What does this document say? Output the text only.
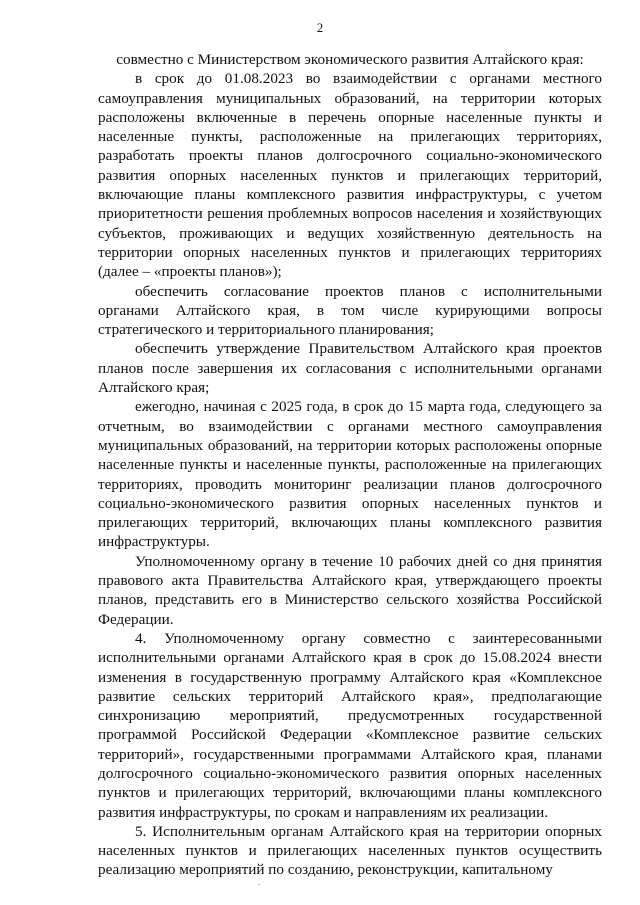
2

совместно с Министерством экономического развития Алтайского края:

в срок до 01.08.2023 во взаимодействии с органами местного самоуправления муниципальных образований, на территории которых расположены включенные в перечень опорные населенные пункты и населенные пункты, расположенные на прилегающих территориях, разработать проекты планов долгосрочного социально-экономического развития опорных населенных пунктов и прилегающих территорий, включающие планы комплексного развития инфраструктуры, с учетом приоритетности решения проблемных вопросов населения и хозяйствующих субъектов, проживающих и ведущих хозяйственную деятельность на территории опорных населенных пунктов и прилегающих территориях (далее – «проекты планов»);

обеспечить согласование проектов планов с исполнительными органами Алтайского края, в том числе курирующими вопросы стратегического и территориального планирования;

обеспечить утверждение Правительством Алтайского края проектов планов после завершения их согласования с исполнительными органами Алтайского края;

ежегодно, начиная с 2025 года, в срок до 15 марта года, следующего за отчетным, во взаимодействии с органами местного самоуправления муниципальных образований, на территории которых расположены опорные населенные пункты и населенные пункты, расположенные на прилегающих территориях, проводить мониторинг реализации планов долгосрочного социально-экономического развития опорных населенных пунктов и прилегающих территорий, включающих планы комплексного развития инфраструктуры.

Уполномоченному органу в течение 10 рабочих дней со дня принятия правового акта Правительства Алтайского края, утверждающего проекты планов, представить его в Министерство сельского хозяйства Российской Федерации.

4. Уполномоченному органу совместно с заинтересованными исполнительными органами Алтайского края в срок до 15.08.2024 внести изменения в государственную программу Алтайского края «Комплексное развитие сельских территорий Алтайского края», предполагающие синхронизацию мероприятий, предусмотренных государственной программой Российской Федерации «Комплексное развитие сельских территорий», государственными программами Алтайского края, планами долгосрочного социально-экономического развития опорных населенных пунктов и прилегающих территорий, включающими планы комплексного развития инфраструктуры, по срокам и направлениям их реализации.

5. Исполнительным органам Алтайского края на территории опорных населенных пунктов и прилегающих населенных пунктов осуществить реализацию мероприятий по созданию, реконструкции, капитальному

.
